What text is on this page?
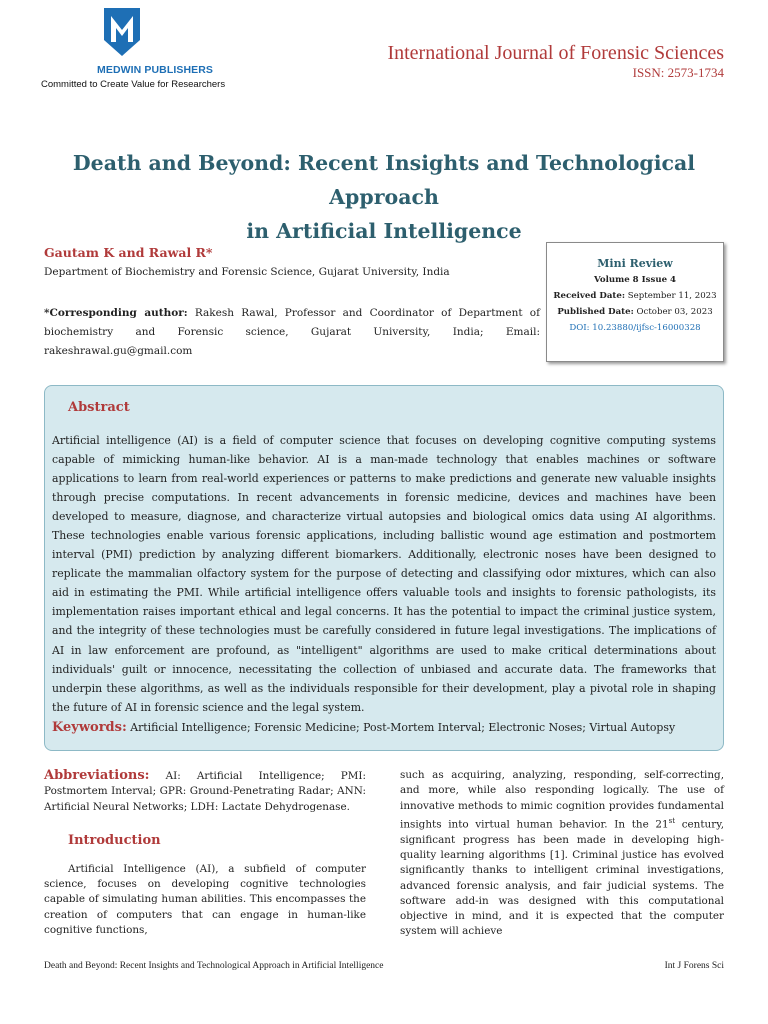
MEDWIN PUBLISHERS
Committed to Create Value for Researchers
International Journal of Forensic Sciences
ISSN: 2573-1734
Death and Beyond: Recent Insights and Technological Approach
in Artificial Intelligence
Gautam K and Rawal R*
Department of Biochemistry and Forensic Science, Gujarat University, India
*Corresponding author: Rakesh Rawal, Professor and Coordinator of Department of biochemistry and Forensic science, Gujarat University, India; Email: rakeshrawal.gu@gmail.com
Mini Review
Volume 8 Issue 4
Received Date: September 11, 2023
Published Date: October 03, 2023
DOI: 10.23880/ijfsc-16000328
Abstract
Artificial intelligence (AI) is a field of computer science that focuses on developing cognitive computing systems capable of mimicking human-like behavior. AI is a man-made technology that enables machines or software applications to learn from real-world experiences or patterns to make predictions and generate new valuable insights through precise computations. In recent advancements in forensic medicine, devices and machines have been developed to measure, diagnose, and characterize virtual autopsies and biological omics data using AI algorithms. These technologies enable various forensic applications, including ballistic wound age estimation and postmortem interval (PMI) prediction by analyzing different biomarkers. Additionally, electronic noses have been designed to replicate the mammalian olfactory system for the purpose of detecting and classifying odor mixtures, which can also aid in estimating the PMI. While artificial intelligence offers valuable tools and insights to forensic pathologists, its implementation raises important ethical and legal concerns. It has the potential to impact the criminal justice system, and the integrity of these technologies must be carefully considered in future legal investigations. The implications of AI in law enforcement are profound, as "intelligent" algorithms are used to make critical determinations about individuals' guilt or innocence, necessitating the collection of unbiased and accurate data. The frameworks that underpin these algorithms, as well as the individuals responsible for their development, play a pivotal role in shaping the future of AI in forensic science and the legal system.
Keywords: Artificial Intelligence; Forensic Medicine; Post-Mortem Interval; Electronic Noses; Virtual Autopsy
Abbreviations: AI: Artificial Intelligence; PMI: Postmortem Interval; GPR: Ground-Penetrating Radar; ANN: Artificial Neural Networks; LDH: Lactate Dehydrogenase.
Introduction
Artificial Intelligence (AI), a subfield of computer science, focuses on developing cognitive technologies capable of simulating human abilities. This encompasses the creation of computers that can engage in human-like cognitive functions,
such as acquiring, analyzing, responding, self-correcting, and more, while also responding logically. The use of innovative methods to mimic cognition provides fundamental insights into virtual human behavior. In the 21st century, significant progress has been made in developing high-quality learning algorithms [1]. Criminal justice has evolved significantly thanks to intelligent criminal investigations, advanced forensic analysis, and fair judicial systems. The software add-in was designed with this computational objective in mind, and it is expected that the computer system will achieve
Death and Beyond: Recent Insights and Technological Approach in Artificial Intelligence	Int J Forens Sci
